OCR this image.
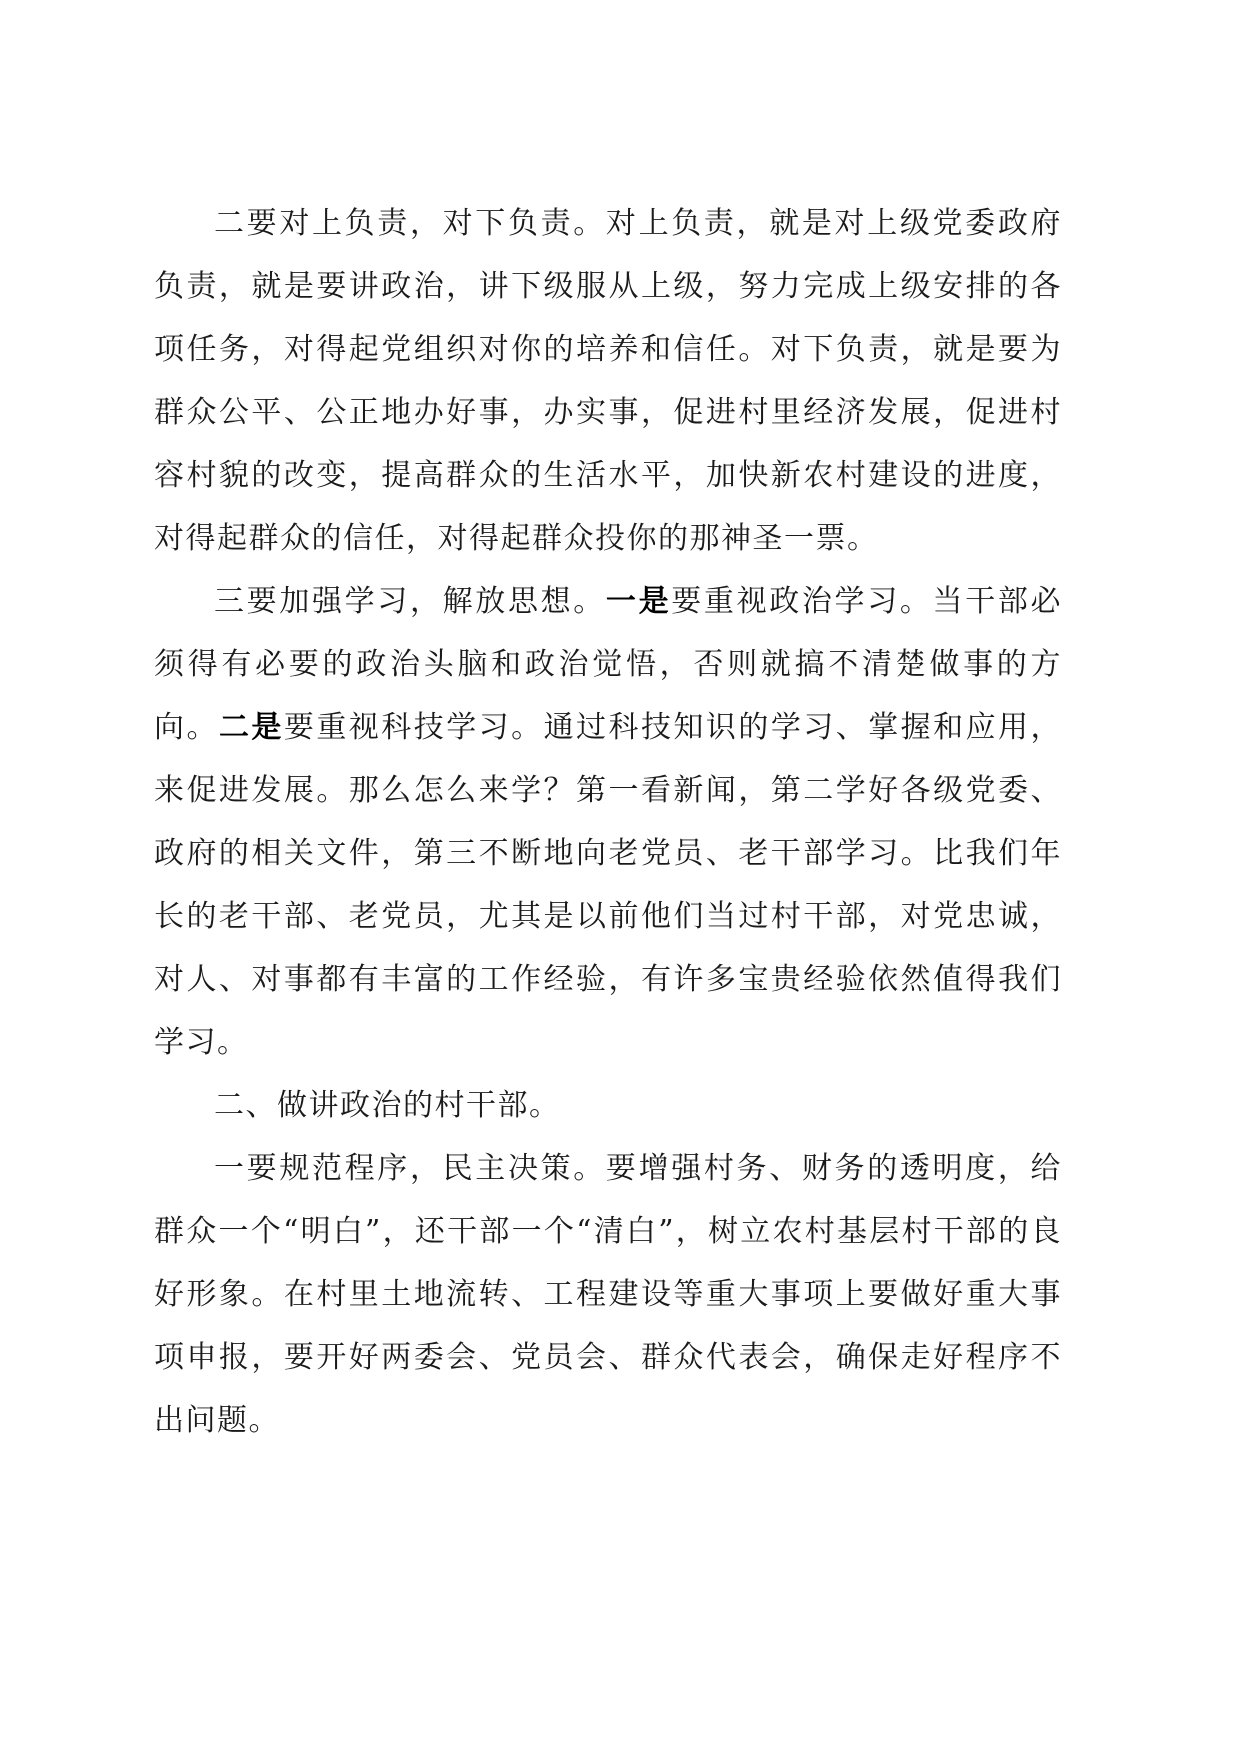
二要对上负责，对下负责。对上负责，就是对上级党委政府负责，就是要讲政治，讲下级服从上级，努力完成上级安排的各项任务，对得起党组织对你的培养和信任。对下负责，就是要为群众公平、公正地办好事，办实事，促进村里经济发展，促进村容村貌的改变，提高群众的生活水平，加快新农村建设的进度，对得起群众的信任，对得起群众投你的那神圣一票。

三要加强学习，解放思想。一是要重视政治学习。当干部必须得有必要的政治头脑和政治觉悟，否则就搞不清楚做事的方向。二是要重视科技学习。通过科技知识的学习、掌握和应用，来促进发展。那么怎么来学？第一看新闻，第二学好各级党委、政府的相关文件，第三不断地向老党员、老干部学习。比我们年长的老干部、老党员，尤其是以前他们当过村干部，对党忠诚，对人、对事都有丰富的工作经验，有许多宝贵经验依然值得我们学习。

二、做讲政治的村干部。

一要规范程序，民主决策。要增强村务、财务的透明度，给群众一个“明白”，还干部一个“清白”，树立农村基层村干部的良好形象。在村里土地流转、工程建设等重大事项上要做好重大事项申报，要开好两委会、党员会、群众代表会，确保走好程序不出问题。
